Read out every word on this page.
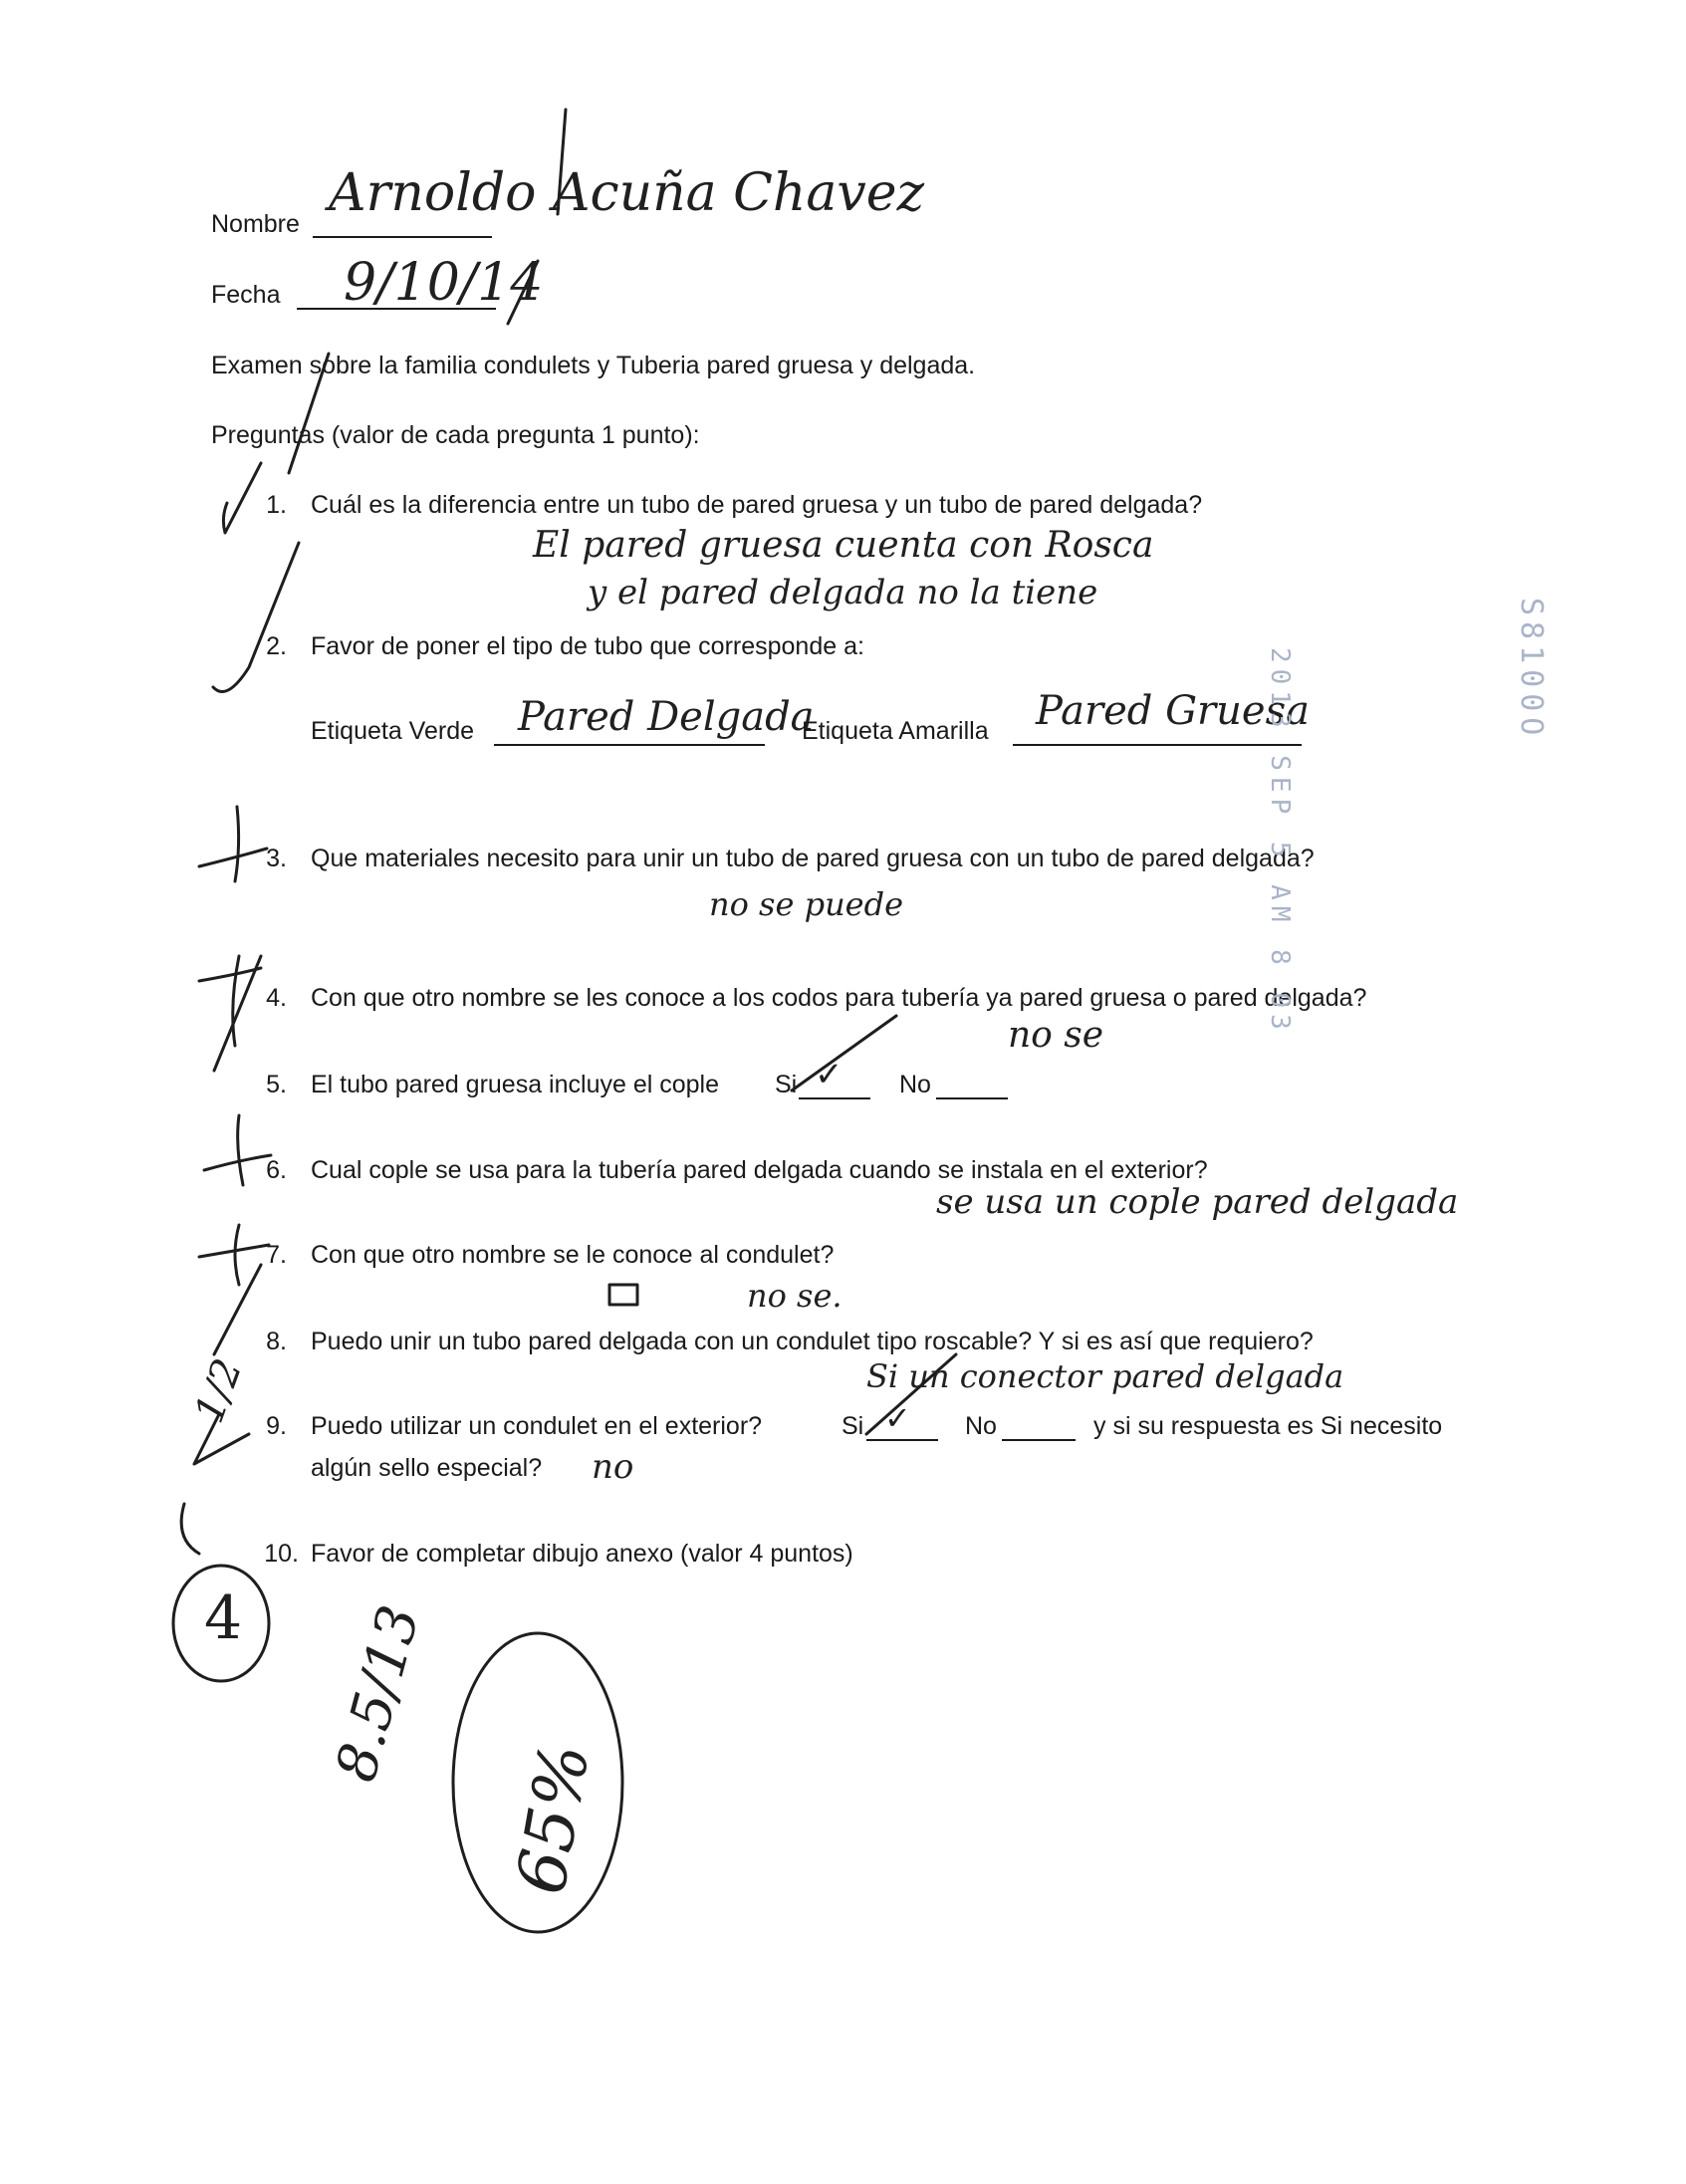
Nombre
Arnoldo Acuña Chavez
Fecha 9/10/14
Examen sobre la familia condulets y Tuberia pared gruesa y delgada.
Preguntas (valor de cada pregunta 1 punto):
1. Cuál es la diferencia entre un tubo de pared gruesa y un tubo de pared delgada?
El pared gruesa cuenta con Rosca
y el pared delgada no la tiene
2. Favor de poner el tipo de tubo que corresponde a:
Etiqueta Verde Pared Delgada
Etiqueta Amarilla Pared Gruesa
3. Que materiales necesito para unir un tubo de pared gruesa con un tubo de pared delgada?
no se puede
4. Con que otro nombre se les conoce a los codos para tubería ya pared gruesa o pared delgada?
no se
5. El tubo pared gruesa incluye el cople Si ✓ No
6. Cual cople se usa para la tubería pared delgada cuando se instala en el exterior?
se usa un cople pared delgada
7. Con que otro nombre se le conoce al condulet?
no se.
8. Puedo unir un tubo pared delgada con un condulet tipo roscable? Y si es así que requiero?
Si un conector pared delgada
9. Puedo utilizar un condulet en el exterior?	Si ✓ No	y si su respuesta es Si necesito
algún sello especial? no
10. Favor de completar dibujo anexo (valor 4 puntos)
4
1/2
8.5/13
65%
S8100O
2013 SEP 5 AM 8 03
